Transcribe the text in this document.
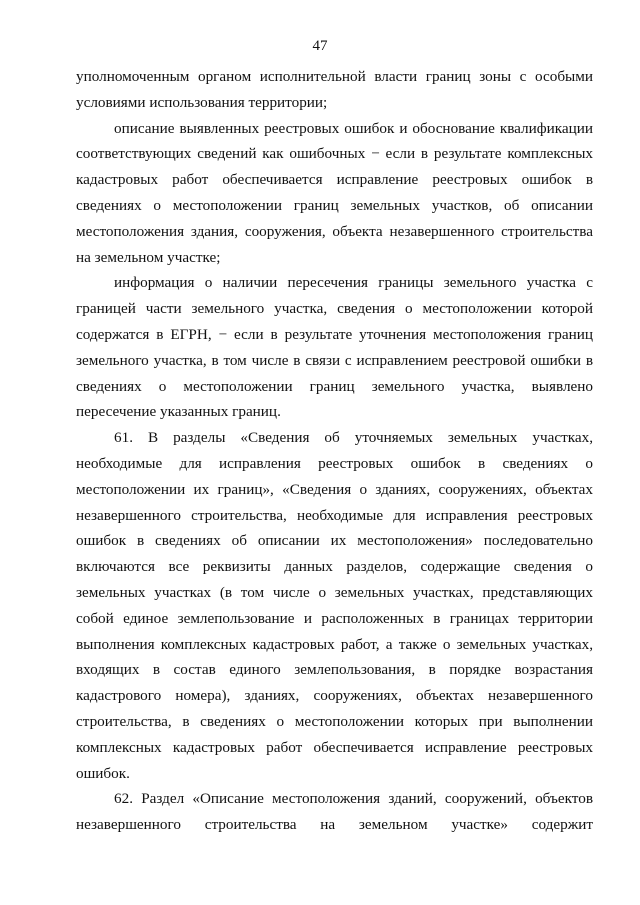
47

уполномоченным органом исполнительной власти границ зоны с особыми условиями использования территории;

описание выявленных реестровых ошибок и обоснование квалификации соответствующих сведений как ошибочных − если в результате комплексных кадастровых работ обеспечивается исправление реестровых ошибок в сведениях о местоположении границ земельных участков, об описании местоположения здания, сооружения, объекта незавершенного строительства на земельном участке;

информация о наличии пересечения границы земельного участка с границей части земельного участка, сведения о местоположении которой содержатся в ЕГРН, − если в результате уточнения местоположения границ земельного участка, в том числе в связи с исправлением реестровой ошибки в сведениях о местоположении границ земельного участка, выявлено пересечение указанных границ.

61. В разделы «Сведения об уточняемых земельных участках, необходимые для исправления реестровых ошибок в сведениях о местоположении их границ», «Сведения о зданиях, сооружениях, объектах незавершенного строительства, необходимые для исправления реестровых ошибок в сведениях об описании их местоположения» последовательно включаются все реквизиты данных разделов, содержащие сведения о земельных участках (в том числе о земельных участках, представляющих собой единое землепользование и расположенных в границах территории выполнения комплексных кадастровых работ, а также о земельных участках, входящих в состав единого землепользования, в порядке возрастания кадастрового номера), зданиях, сооружениях, объектах незавершенного строительства, в сведениях о местоположении которых при выполнении комплексных кадастровых работ обеспечивается исправление реестровых ошибок.

62. Раздел «Описание местоположения зданий, сооружений, объектов незавершенного строительства на земельном участке» содержит
